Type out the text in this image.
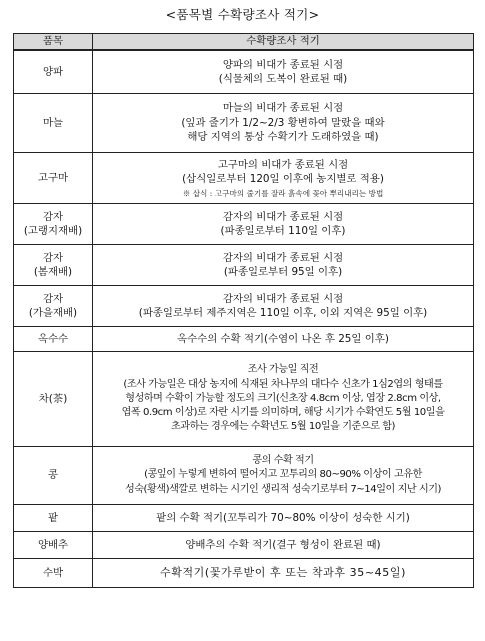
<품목별 수확량조사 적기>
품목	수확량조사 적기

양파	양파의 비대가 종료된 시점
(식물체의 도복이 완료된 때)

마늘	마늘의 비대가 종료된 시점
(잎과 줄기가 1/2~2/3 황변하여 말랐을 때와
해당 지역의 통상 수확기가 도래하였을 때)

고구마	고구마의 비대가 종료된 시점
(삽식일로부터 120일 이후에 농지별로 적용)
※ 삽식 : 고구마의 줄기를 잘라 흙속에 꽂아 뿌리내리는 방법

감자
(고랭지재배)	감자의 비대가 종료된 시점
(파종일로부터 110일 이후)

감자
(봄재배)	감자의 비대가 종료된 시점
(파종일로부터 95일 이후)

감자
(가을재배)	감자의 비대가 종료된 시점
(파종일로부터 제주지역은 110일 이후, 이외 지역은 95일 이후)

옥수수	옥수수의 수확 적기(수염이 나온 후 25일 이후)

차(茶)	조사 가능일 직전
(조사 가능일은 대상 농지에 식재된 차나무의 대다수 신초가 1심2엽의 형태를
형성하며 수확이 가능할 정도의 크기(신초장 4.8cm 이상, 엽장 2.8cm 이상,
엽폭 0.9cm 이상)로 자란 시기를 의미하며, 해당 시기가 수확연도 5월 10일을
초과하는 경우에는 수확년도 5월 10일을 기준으로 함)

콩	콩의 수확 적기
(콩잎이 누렇게 변하여 떨어지고 꼬투리의 80~90% 이상이 고유한
성숙(황색)색깔로 변하는 시기인 생리적 성숙기로부터 7~14일이 지난 시기)

팥	팥의 수확 적기(꼬투리가 70~80% 이상이 성숙한 시기)

양배추	양배추의 수확 적기(결구 형성이 완료된 때)

수박	수확적기(꽃가루받이 후 또는 착과후 35~45일)
